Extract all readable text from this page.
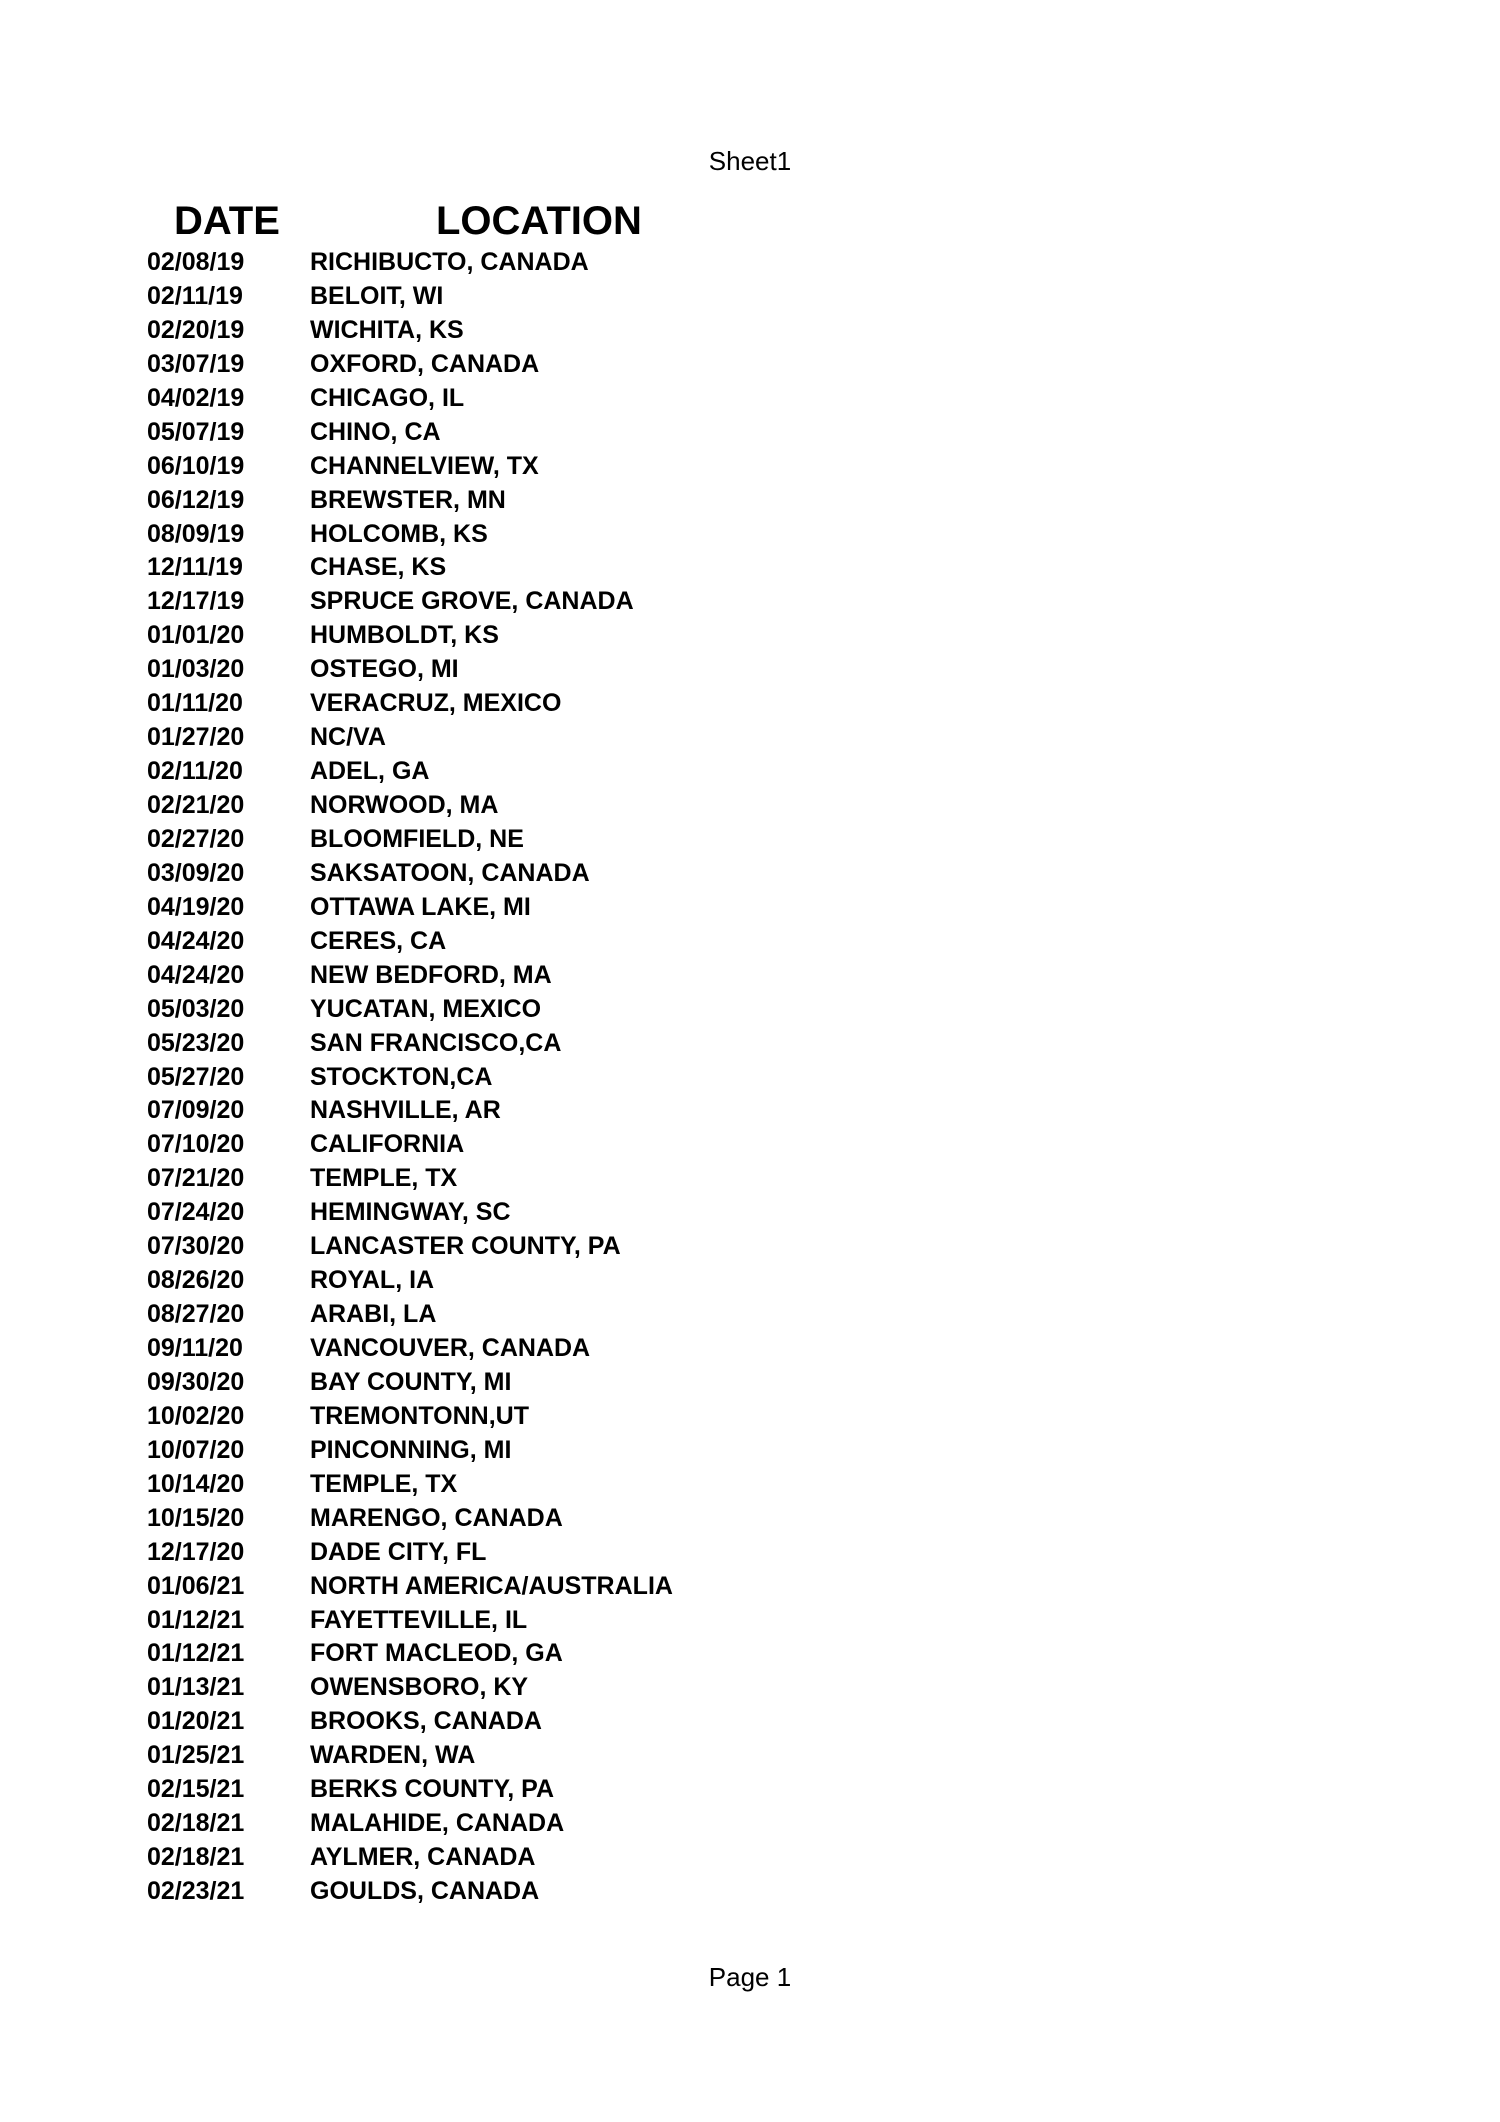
Sheet1
DATE	LOCATION
02/08/19	RICHIBUCTO, CANADA
02/11/19	BELOIT, WI
02/20/19	WICHITA, KS
03/07/19	OXFORD, CANADA
04/02/19	CHICAGO, IL
05/07/19	CHINO, CA
06/10/19	CHANNELVIEW, TX
06/12/19	BREWSTER, MN
08/09/19	HOLCOMB, KS
12/11/19	CHASE, KS
12/17/19	SPRUCE GROVE, CANADA
01/01/20	HUMBOLDT, KS
01/03/20	OSTEGO, MI
01/11/20	VERACRUZ, MEXICO
01/27/20	NC/VA
02/11/20	ADEL, GA
02/21/20	NORWOOD, MA
02/27/20	BLOOMFIELD, NE
03/09/20	SAKSATOON, CANADA
04/19/20	OTTAWA LAKE, MI
04/24/20	CERES, CA
04/24/20	NEW BEDFORD, MA
05/03/20	YUCATAN, MEXICO
05/23/20	SAN FRANCISCO,CA
05/27/20	STOCKTON,CA
07/09/20	NASHVILLE, AR
07/10/20	CALIFORNIA
07/21/20	TEMPLE, TX
07/24/20	HEMINGWAY, SC
07/30/20	LANCASTER COUNTY, PA
08/26/20	ROYAL, IA
08/27/20	ARABI, LA
09/11/20	VANCOUVER, CANADA
09/30/20	BAY COUNTY, MI
10/02/20	TREMONTONN,UT
10/07/20	PINCONNING, MI
10/14/20	TEMPLE, TX
10/15/20	MARENGO, CANADA
12/17/20	DADE CITY, FL
01/06/21	NORTH AMERICA/AUSTRALIA
01/12/21	FAYETTEVILLE, IL
01/12/21	FORT MACLEOD, GA
01/13/21	OWENSBORO, KY
01/20/21	BROOKS, CANADA
01/25/21	WARDEN, WA
02/15/21	BERKS COUNTY, PA
02/18/21	MALAHIDE, CANADA
02/18/21	AYLMER, CANADA
02/23/21	GOULDS, CANADA
Page 1
